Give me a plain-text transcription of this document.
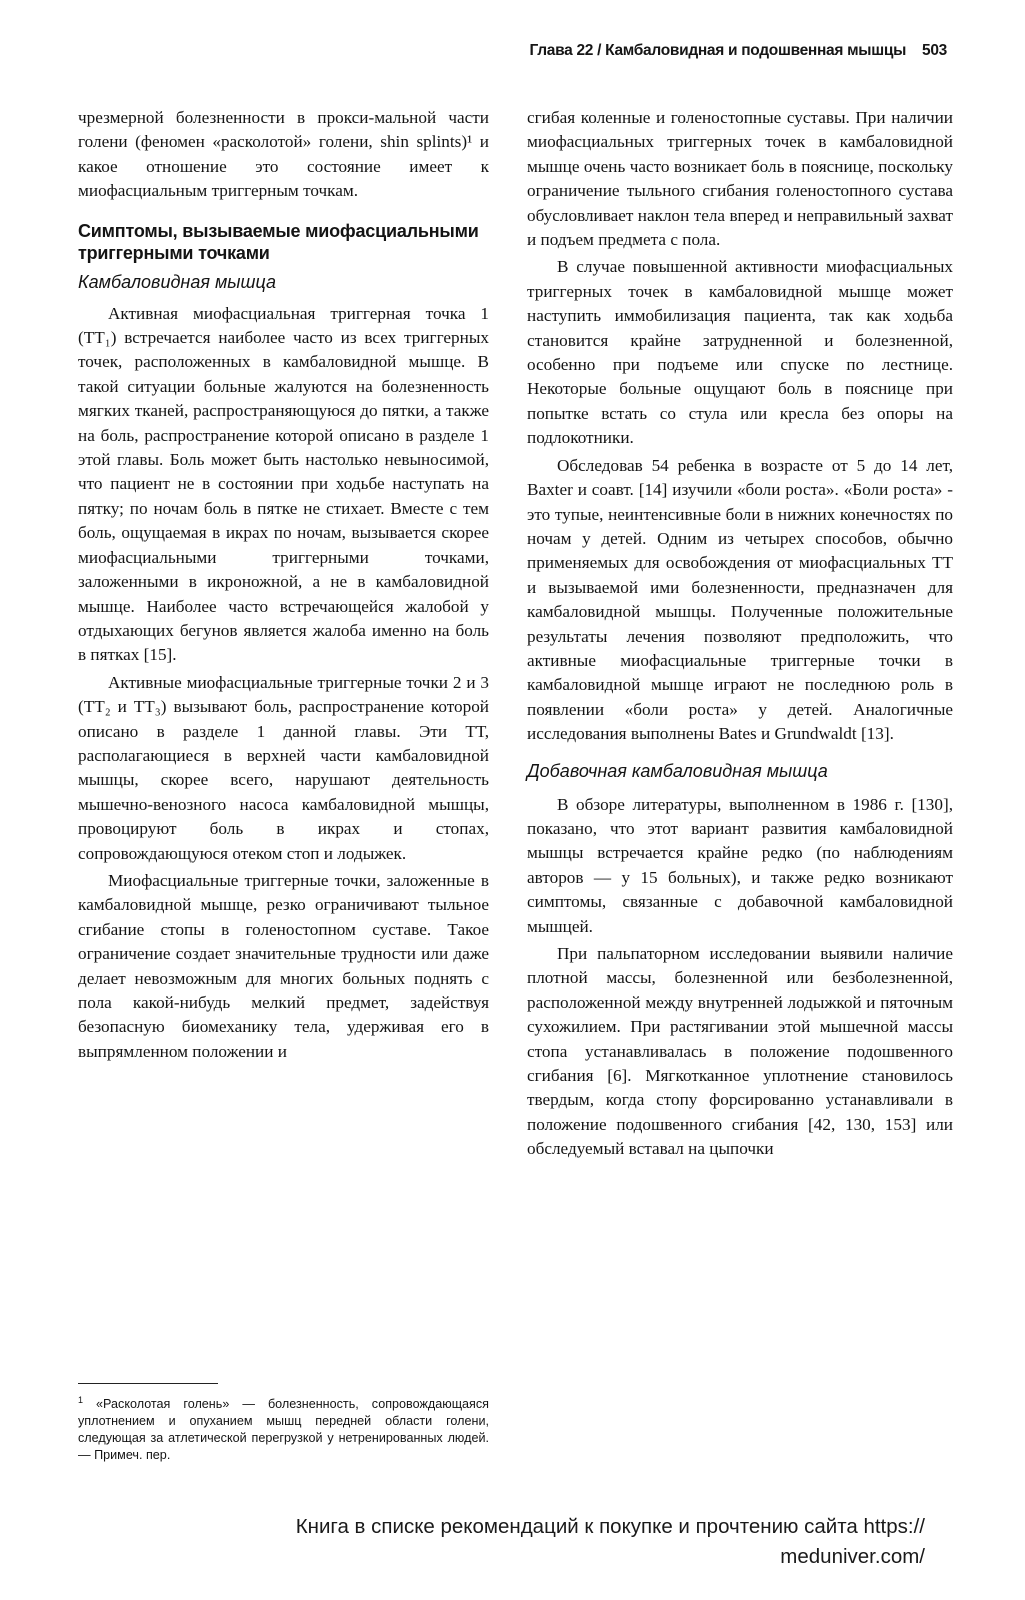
Глава 22 / Камбаловидная и подошвенная мышцы 503

чрезмерной болезненности в прокси-мальной части голени (феномен «расколотой» голени, shin splints)¹ и какое отношение это состояние имеет к миофасциальным триггерным точкам.

Симптомы, вызываемые миофасциальными триггерными точками
Камбаловидная мышца

Активная миофасциальная триггерная точка 1 (ТТ₁) встречается наиболее часто из всех триггерных точек, расположенных в камбаловидной мышце. В такой ситуации больные жалуются на болезненность мягких тканей, распространяющуюся до пятки, а также на боль, распространение которой описано в разделе 1 этой главы. Боль может быть настолько невыносимой, что пациент не в состоянии при ходьбе наступать на пятку; по ночам боль в пятке не стихает. Вместе с тем боль, ощущаемая в икрах по ночам, вызывается скорее миофасциальными триггерными точками, заложенными в икроножной, а не в камбаловидной мышце. Наиболее часто встречающейся жалобой у отдыхающих бегунов является жалоба именно на боль в пятках [15].

Активные миофасциальные триггерные точки 2 и 3 (ТТ₂ и ТТ₃) вызывают боль, распространение которой описано в разделе 1 данной главы. Эти ТТ, располагающиеся в верхней части камбаловидной мышцы, скорее всего, нарушают деятельность мышечно-венозного насоса камбаловидной мышцы, провоцируют боль в икрах и стопах, сопровождающуюся отеком стоп и лодыжек.

Миофасциальные триггерные точки, заложенные в камбаловидной мышце, резко ограничивают тыльное сгибание стопы в голеностопном суставе. Такое ограничение создает значительные трудности или даже делает невозможным для многих больных поднять с пола какой-нибудь мелкий предмет, задействуя безопасную биомеханику тела, удерживая его в выпрямленном положении и

$^1$ «Расколотая голень» — болезненность, сопровождающаяся уплотнением и опуханием мышц передней области голени, следующая за атлетической перегрузкой у нетренированных людей. — Примеч. пер.

сгибая коленные и голеностопные суставы. При наличии миофасциальных триггерных точек в камбаловидной мышце очень часто возникает боль в пояснице, поскольку ограничение тыльного сгибания голеностопного сустава обусловливает наклон тела вперед и неправильный захват и подъем предмета с пола.

В случае повышенной активности миофасциальных триггерных точек в камбаловидной мышце может наступить иммобилизация пациента, так как ходьба становится крайне затрудненной и болезненной, особенно при подъеме или спуске по лестнице. Некоторые больные ощущают боль в пояснице при попытке встать со стула или кресла без опоры на подлокотники.

Обследовав 54 ребенка в возрасте от 5 до 14 лет, Baxter и соавт. [14] изучили «боли роста». «Боли роста» - это тупые, неинтенсивные боли в нижних конечностях по ночам у детей. Одним из четырех способов, обычно применяемых для освобождения от миофасциальных ТТ и вызываемой ими болезненности, предназначен для камбаловидной мышцы. Полученные положительные результаты лечения позволяют предположить, что активные миофасциальные триггерные точки в камбаловидной мышце играют не последнюю роль в появлении «боли роста» у детей. Аналогичные исследования выполнены Bates и Grundwaldt [13].

Добавочная камбаловидная мышца

В обзоре литературы, выполненном в 1986 г. [130], показано, что этот вариант развития камбаловидной мышцы встречается крайне редко (по наблюдениям авторов — у 15 больных), и также редко возникают симптомы, связанные с добавочной камбаловидной мышцей.

При пальпаторном исследовании выявили наличие плотной массы, болезненной или безболезненной, расположенной между внутренней лодыжкой и пяточным сухожилием. При растягивании этой мышечной массы стопа устанавливалась в положение подошвенного сгибания [6]. Мягкотканное уплотнение становилось твердым, когда стопу форсированно устанавливали в положение подошвенного сгибания [42, 130, 153] или обследуемый вставал на цыпочки

Книга в списке рекомендаций к покупке и прочтению сайта https://
meduniver.com/
